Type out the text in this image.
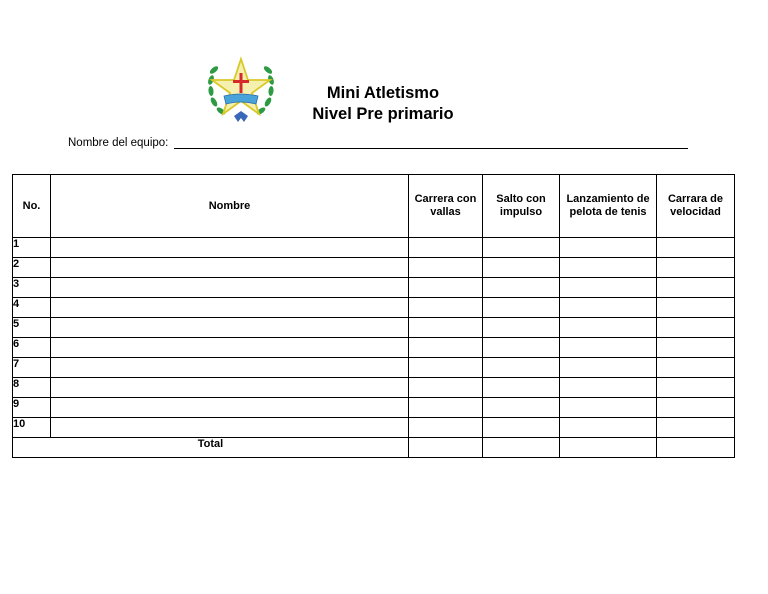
Mini Atletismo
Nivel Pre primario
Nombre del equipo:
No.	Nombre	Carrera con vallas	Salto con impulso	Lanzamiento de pelota de tenis	Carrara de velocidad
1					
2					
3					
4					
5					
6					
7					
8					
9					
10					
Total					
